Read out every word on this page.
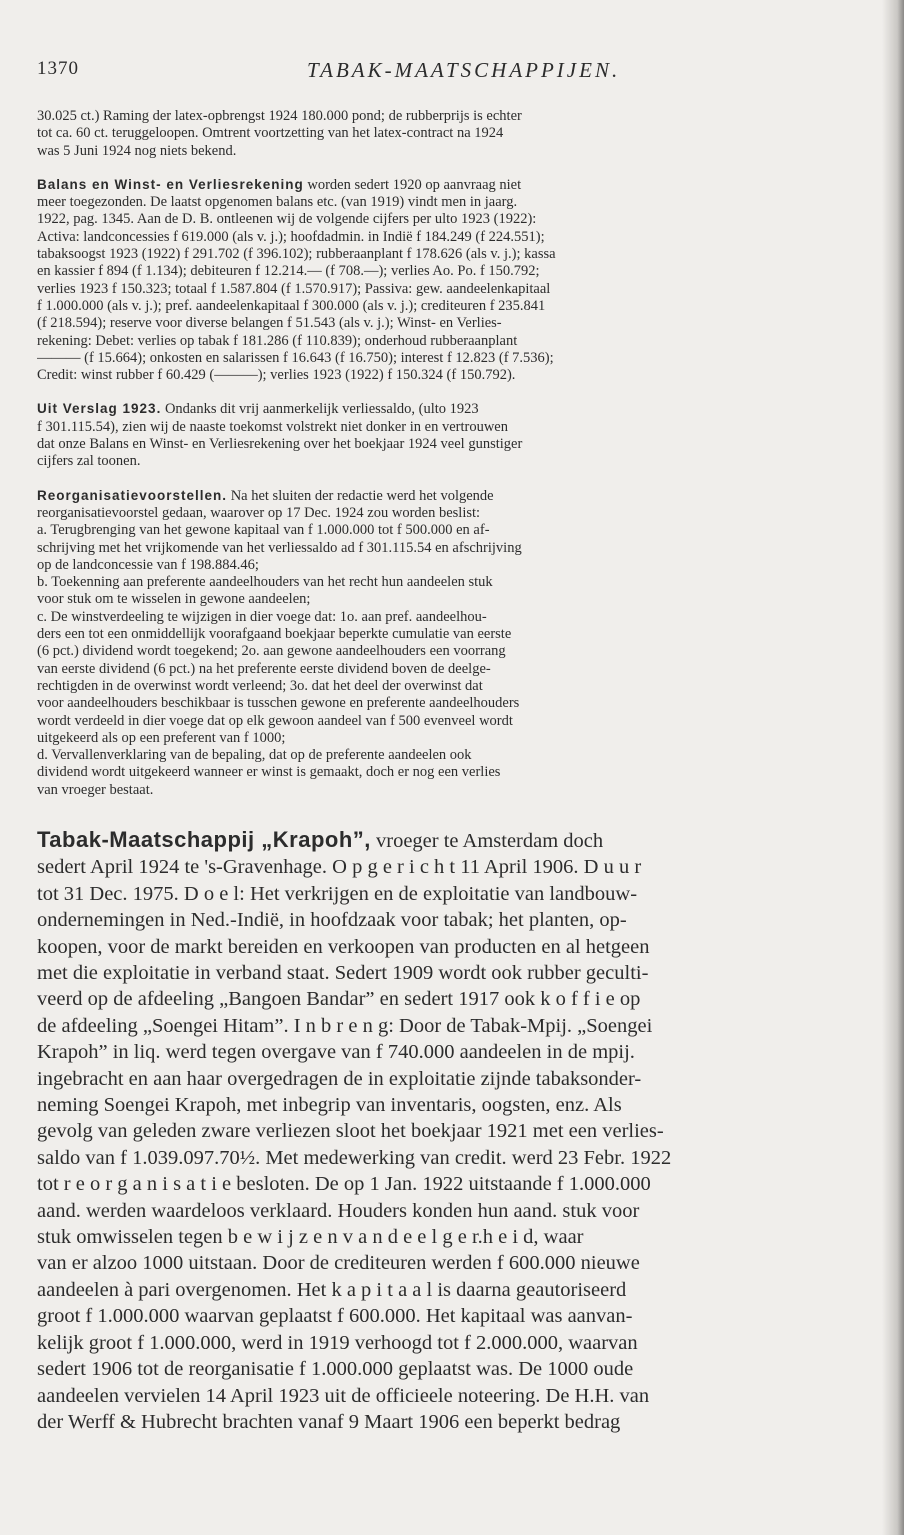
1370	TABAK-MAATSCHAPPIJEN.

30.025 ct.) Raming der latex-opbrengst 1924 180.000 pond; de rubberprijs is echter
tot ca. 60 ct. teruggeloopen. Omtrent voortzetting van het latex-contract na 1924
was 5 Juni 1924 nog niets bekend.

Balans en Winst- en Verliesrekening worden sedert 1920 op aanvraag niet
meer toegezonden. De laatst opgenomen balans etc. (van 1919) vindt men in jaarg.
1922, pag. 1345. Aan de D. B. ontleenen wij de volgende cijfers per ulto 1923 (1922):
Activa: landconcessies f 619.000 (als v. j.); hoofdadmin. in Indië f 184.249 (f 224.551);
tabaksoogst 1923 (1922) f 291.702 (f 396.102); rubberaanplant f 178.626 (als v. j.); kassa
en kassier f 894 (f 1.134); debiteuren f 12.214.— (f 708.—); verlies Ao. Po. f 150.792;
verlies 1923 f 150.323; totaal f 1.587.804 (f 1.570.917); Passiva: gew. aandeelenkapitaal
f 1.000.000 (als v. j.); pref. aandeelenkapitaal f 300.000 (als v. j.); crediteuren f 235.841
(f 218.594); reserve voor diverse belangen f 51.543 (als v. j.); Winst- en Verlies-
rekening: Debet: verlies op tabak f 181.286 (f 110.839); onderhoud rubberaanplant
——— (f 15.664); onkosten en salarissen f 16.643 (f 16.750); interest f 12.823 (f 7.536);
Credit: winst rubber f 60.429 (———); verlies 1923 (1922) f 150.324 (f 150.792).

Uit Verslag 1923. Ondanks dit vrij aanmerkelijk verliessaldo, (ulto 1923
f 301.115.54), zien wij de naaste toekomst volstrekt niet donker in en vertrouwen
dat onze Balans en Winst- en Verliesrekening over het boekjaar 1924 veel gunstiger
cijfers zal toonen.

Reorganisatievoorstellen. Na het sluiten der redactie werd het volgende
reorganisatievoorstel gedaan, waarover op 17 Dec. 1924 zou worden beslist:
a. Terugbrenging van het gewone kapitaal van f 1.000.000 tot f 500.000 en af-
schrijving met het vrijkomende van het verliessaldo ad f 301.115.54 en afschrijving
op de landconcessie van f 198.884.46;
b. Toekenning aan preferente aandeelhouders van het recht hun aandeelen stuk
voor stuk om te wisselen in gewone aandeelen;
c. De winstverdeeling te wijzigen in dier voege dat: 1o. aan pref. aandeelhou-
ders een tot een onmiddellijk voorafgaand boekjaar beperkte cumulatie van eerste
(6 pct.) dividend wordt toegekend; 2o. aan gewone aandeelhouders een voorrang
van eerste dividend (6 pct.) na het preferente eerste dividend boven de deelge-
rechtigden in de overwinst wordt verleend; 3o. dat het deel der overwinst dat
voor aandeelhouders beschikbaar is tusschen gewone en preferente aandeelhouders
wordt verdeeld in dier voege dat op elk gewoon aandeel van f 500 evenveel wordt
uitgekeerd als op een preferent van f 1000;
d. Vervallenverklaring van de bepaling, dat op de preferente aandeelen ook
dividend wordt uitgekeerd wanneer er winst is gemaakt, doch er nog een verlies
van vroeger bestaat.

Tabak-Maatschappij „Krapoh”, vroeger te Amsterdam doch
sedert April 1924 te 's-Gravenhage. O p g e r i c h t 11 April 1906. D u u r
tot 31 Dec. 1975. D o e l: Het verkrijgen en de exploitatie van landbouw-
ondernemingen in Ned.-Indië, in hoofdzaak voor tabak; het planten, op-
koopen, voor de markt bereiden en verkoopen van producten en al hetgeen
met die exploitatie in verband staat. Sedert 1909 wordt ook rubber geculti-
veerd op de afdeeling „Bangoen Bandar” en sedert 1917 ook k o f f i e op
de afdeeling „Soengei Hitam”. I n b r e n g: Door de Tabak-Mpij. „Soengei
Krapoh” in liq. werd tegen overgave van f 740.000 aandeelen in de mpij.
ingebracht en aan haar overgedragen de in exploitatie zijnde tabaksonder-
neming Soengei Krapoh, met inbegrip van inventaris, oogsten, enz. Als
gevolg van geleden zware verliezen sloot het boekjaar 1921 met een verlies-
saldo van f 1.039.097.70½. Met medewerking van credit. werd 23 Febr. 1922
tot r e o r g a n i s a t i e besloten. De op 1 Jan. 1922 uitstaande f 1.000.000
aand. werden waardeloos verklaard. Houders konden hun aand. stuk voor
stuk omwisselen tegen b e w i j z e n v a n d e e l g e r.h e i d, waar
van er alzoo 1000 uitstaan. Door de crediteuren werden f 600.000 nieuwe
aandeelen à pari overgenomen. Het k a p i t a a l is daarna geautoriseerd
groot f 1.000.000 waarvan geplaatst f 600.000. Het kapitaal was aanvan-
kelijk groot f 1.000.000, werd in 1919 verhoogd tot f 2.000.000, waarvan
sedert 1906 tot de reorganisatie f 1.000.000 geplaatst was. De 1000 oude
aandeelen vervielen 14 April 1923 uit de officieele noteering. De H.H. van
der Werff & Hubrecht brachten vanaf 9 Maart 1906 een beperkt bedrag
